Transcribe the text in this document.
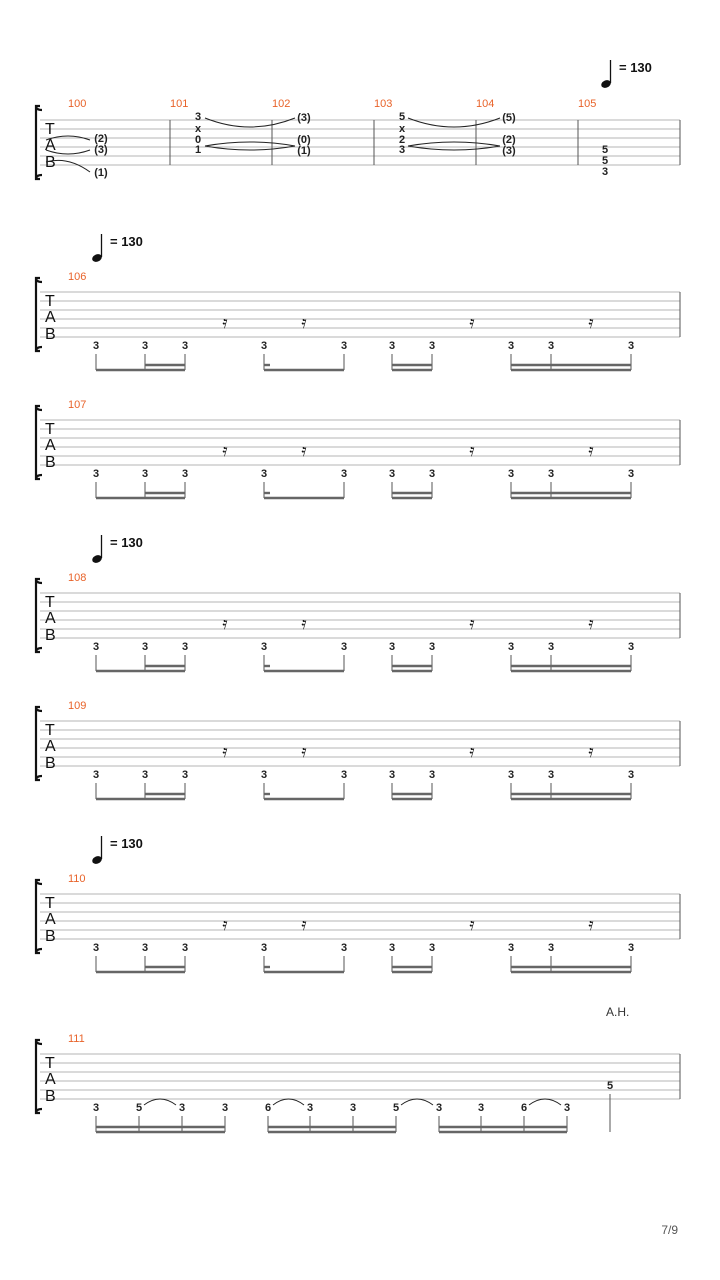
= 130
T
A
B
100	101	102	103	104	105
(2)
(3)
(1)
3
x
0
1
(3)
(0)
(1)
5
x
2
3
(5)
(2)
(3)	5
5
3
= 130
T
A
B
106
3	3	3	3	3	3	3	3	3	3
𝄿	𝄿	𝄿	𝄿
T
A
B
107
3	3	3	3	3	3	3	3	3	3
𝄿	𝄿	𝄿	𝄿
= 130
T
A
B
108
3	3	3	3	3	3	3	3	3	3
𝄿	𝄿	𝄿	𝄿
T
A
B
109
3	3	3	3	3	3	3	3	3	3
𝄿	𝄿	𝄿	𝄿
= 130
T
A
B
110
3	3	3	3	3	3	3	3	3	3
𝄿	𝄿	𝄿	𝄿
T
A
B
111
A.H.
3	5	3	3	6	3	3	5	3	3	6	3
5
7/9
